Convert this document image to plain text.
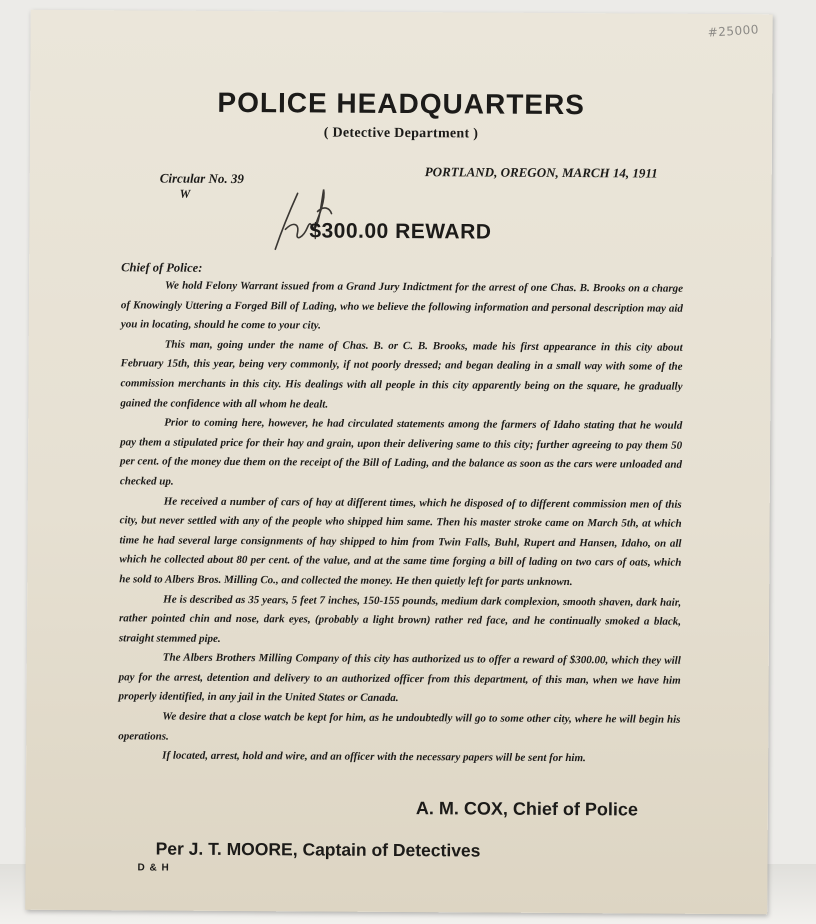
#25000
POLICE HEADQUARTERS
( Detective Department )
Circular No. 39
W
PORTLAND, OREGON, MARCH 14, 1911
$300.00 REWARD
Chief of Police:

We hold Felony Warrant issued from a Grand Jury Indictment for the arrest of one Chas. B. Brooks on a charge of Knowingly Uttering a Forged Bill of Lading, who we believe the following information and personal description may aid you in locating, should he come to your city.

This man, going under the name of Chas. B. or C. B. Brooks, made his first appearance in this city about February 15th, this year, being very commonly, if not poorly dressed; and began dealing in a small way with some of the commission merchants in this city. His dealings with all people in this city apparently being on the square, he gradually gained the confidence with all whom he dealt.

Prior to coming here, however, he had circulated statements among the farmers of Idaho stating that he would pay them a stipulated price for their hay and grain, upon their delivering same to this city; further agreeing to pay them 50 per cent. of the money due them on the receipt of the Bill of Lading, and the balance as soon as the cars were unloaded and checked up.

He received a number of cars of hay at different times, which he disposed of to different commission men of this city, but never settled with any of the people who shipped him same. Then his master stroke came on March 5th, at which time he had several large consignments of hay shipped to him from Twin Falls, Buhl, Rupert and Hansen, Idaho, on all which he collected about 80 per cent. of the value, and at the same time forging a bill of lading on two cars of oats, which he sold to Albers Bros. Milling Co., and collected the money. He then quietly left for parts unknown.

He is described as 35 years, 5 feet 7 inches, 150-155 pounds, medium dark complexion, smooth shaven, dark hair, rather pointed chin and nose, dark eyes, (probably a light brown) rather red face, and he continually smoked a black, straight stemmed pipe.

The Albers Brothers Milling Company of this city has authorized us to offer a reward of $300.00, which they will pay for the arrest, detention and delivery to an authorized officer from this department, of this man, when we have him properly identified, in any jail in the United States or Canada.

We desire that a close watch be kept for him, as he undoubtedly will go to some other city, where he will begin his operations.

If located, arrest, hold and wire, and an officer with the necessary papers will be sent for him.

A. M. COX, Chief of Police
Per J. T. MOORE, Captain of Detectives
D & H
